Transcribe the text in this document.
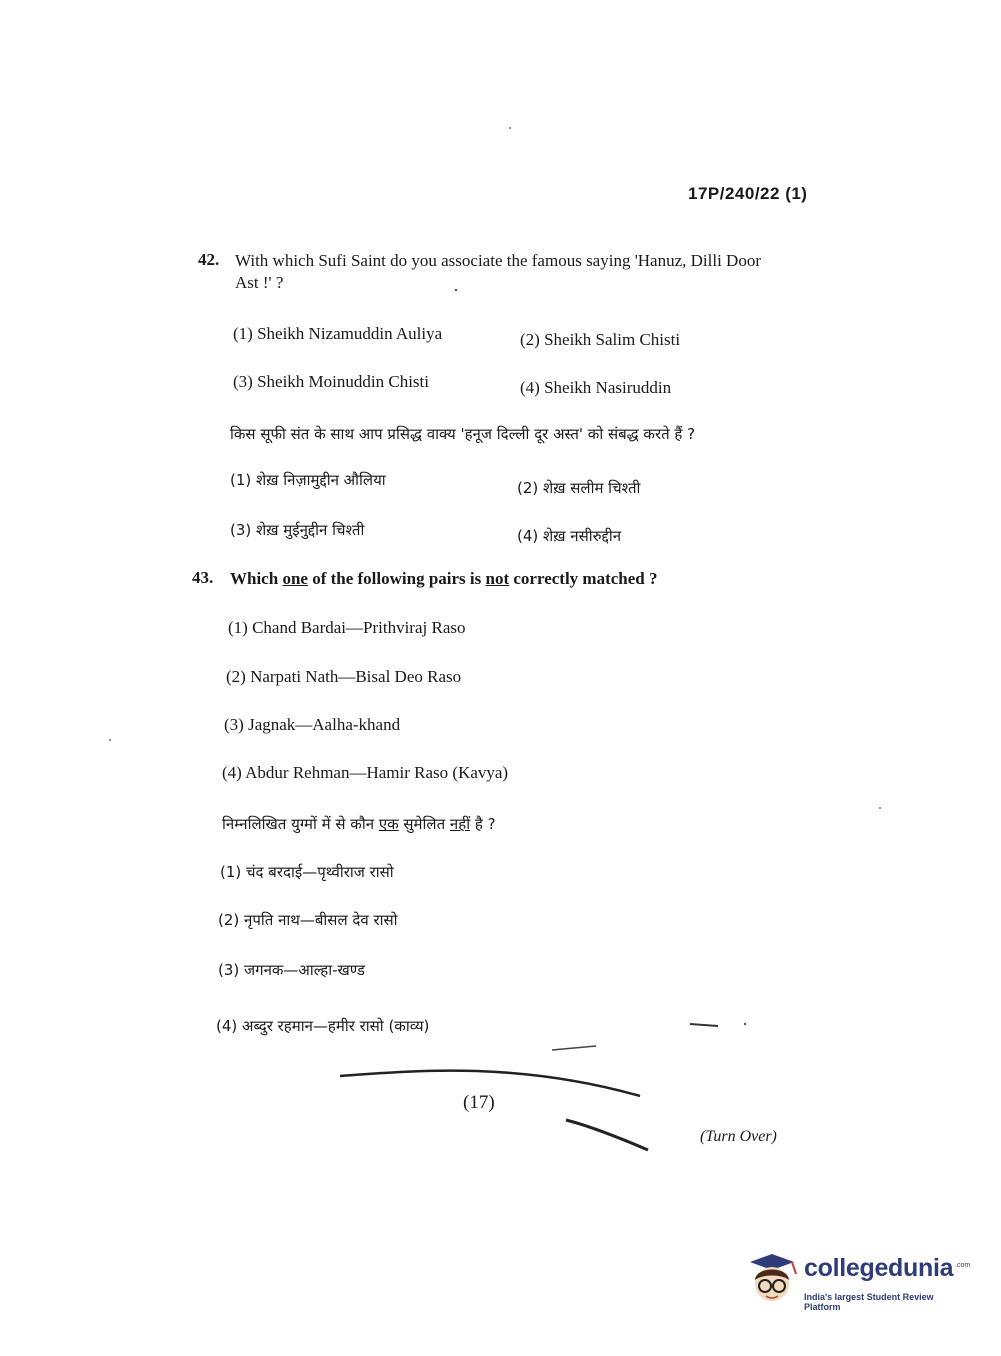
17P/240/22 (1)
42. With which Sufi Saint do you associate the famous saying 'Hanuz, Dilli Door
Ast !' ?
(1) Sheikh Nizamuddin Auliya	(2) Sheikh Salim Chisti
(3) Sheikh Moinuddin Chisti	(4) Sheikh Nasiruddin
किस सूफी संत के साथ आप प्रसिद्ध वाक्य 'हनूज दिल्ली दूर अस्त' को संबद्ध करते हैं ?
(1) शेख़ निज़ामुद्दीन औलिया	(2) शेख़ सलीम चिश्ती
(3) शेख़ मुईनुद्दीन चिश्ती	(4) शेख़ नसीरुद्दीन
43. Which one of the following pairs is not correctly matched ?
(1) Chand Bardai—Prithviraj Raso
(2) Narpati Nath—Bisal Deo Raso
(3) Jagnak—Aalha-khand
(4) Abdur Rehman—Hamir Raso (Kavya)
निम्नलिखित युग्मों में से कौन एक सुमेलित नहीं है ?
(1) चंद बरदाई—पृथ्वीराज रासो
(2) नृपति नाथ—बीसल देव रासो
(3) जगनक—आल्हा-खण्ड
(4) अब्दुर रहमान—हमीर रासो (काव्य)
(17)
(Turn Over)
collegedunia .com
India's largest Student Review Platform
